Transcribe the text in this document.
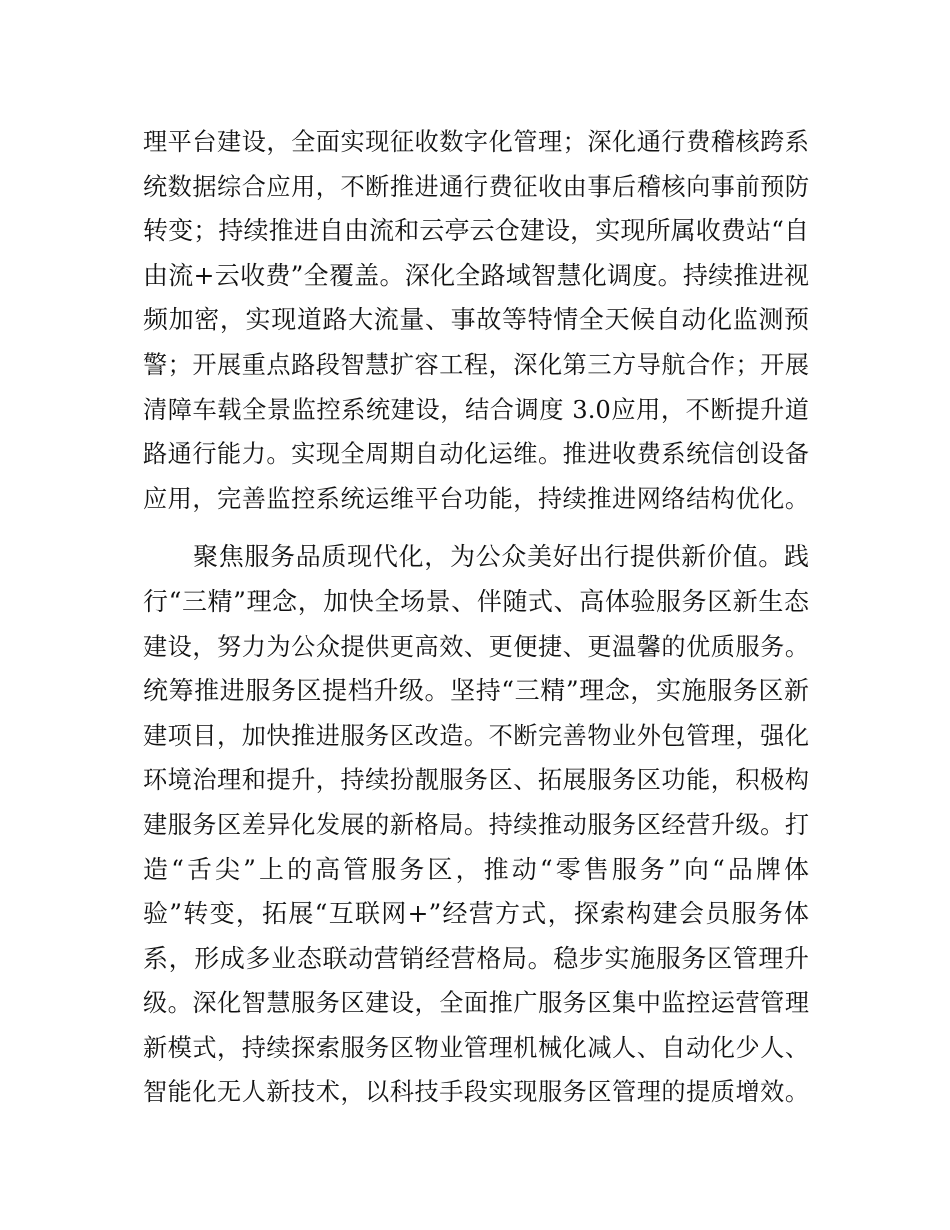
理平台建设，全面实现征收数字化管理；深化通行费稽核跨系
统数据综合应用，不断推进通行费征收由事后稽核向事前预防
转变；持续推进自由流和云亭云仓建设，实现所属收费站“自
由流+云收费”全覆盖。深化全路域智慧化调度。持续推进视
频加密，实现道路大流量、事故等特情全天候自动化监测预
警；开展重点路段智慧扩容工程，深化第三方导航合作；开展
清障车载全景监控系统建设，结合调度 3.0应用，不断提升道
路通行能力。实现全周期自动化运维。推进收费系统信创设备
应用，完善监控系统运维平台功能，持续推进网络结构优化。
聚焦服务品质现代化，为公众美好出行提供新价值。践
行“三精”理念，加快全场景、伴随式、高体验服务区新生态
建设，努力为公众提供更高效、更便捷、更温馨的优质服务。
统筹推进服务区提档升级。坚持“三精”理念，实施服务区新
建项目，加快推进服务区改造。不断完善物业外包管理，强化
环境治理和提升，持续扮靓服务区、拓展服务区功能，积极构
建服务区差异化发展的新格局。持续推动服务区经营升级。打
造“舌尖”上的高管服务区，推动“零售服务”向“品牌体
验”转变，拓展“互联网+”经营方式，探索构建会员服务体
系，形成多业态联动营销经营格局。稳步实施服务区管理升
级。深化智慧服务区建设，全面推广服务区集中监控运营管理
新模式，持续探索服务区物业管理机械化减人、自动化少人、
智能化无人新技术，以科技手段实现服务区管理的提质增效。
